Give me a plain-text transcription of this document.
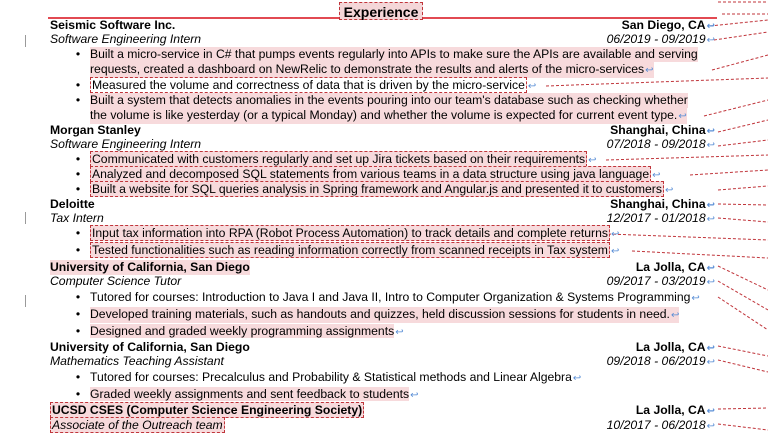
Experience
Seismic Software Inc.	San Diego, CA↩
Software Engineering Intern	06/2019 - 09/2019↩
• Built a micro-service in C# that pumps events regularly into APIs to make sure the APIs are available and serving
requests, created a dashboard on NewRelic to demonstrate the results and alerts of the micro-services↩
• Measured the volume and correctness of data that is driven by the micro-service ↩
• Built a system that detects anomalies in the events pouring into our team's database such as checking whether
the volume is like yesterday (or a typical Monday) and whether the volume is expected for current event type.↩
Morgan Stanley	Shanghai, China↩
Software Engineering Intern	07/2018 - 09/2018↩
• Communicated with customers regularly and set up Jira tickets based on their requirements ↩
• Analyzed and decomposed SQL statements from various teams in a data structure using java language ↩
• Built a website for SQL queries analysis in Spring framework and Angular.js and presented it to customers ↩
Deloitte	Shanghai, China↩
Tax Intern	12/2017 - 01/2018↩
• Input tax information into RPA (Robot Process Automation) to track details and complete returns ↩
• Tested functionalities such as reading information correctly from scanned receipts in Tax system ↩
University of California, San Diego	La Jolla, CA↩
Computer Science Tutor	09/2017 - 03/2019↩
• Tutored for courses: Introduction to Java I and Java II, Intro to Computer Organization & Systems Programming↩
• Developed training materials, such as handouts and quizzes, held discussion sessions for students in need.↩
• Designed and graded weekly programming assignments↩
University of California, San Diego	La Jolla, CA↩
Mathematics Teaching Assistant	09/2018 - 06/2019↩
• Tutored for courses: Precalculus and Probability & Statistical methods and Linear Algebra↩
• Graded weekly assignments and sent feedback to students↩
UCSD CSES (Computer Science Engineering Society)	La Jolla, CA↩
Associate of the Outreach team	10/2017 - 06/2018↩
